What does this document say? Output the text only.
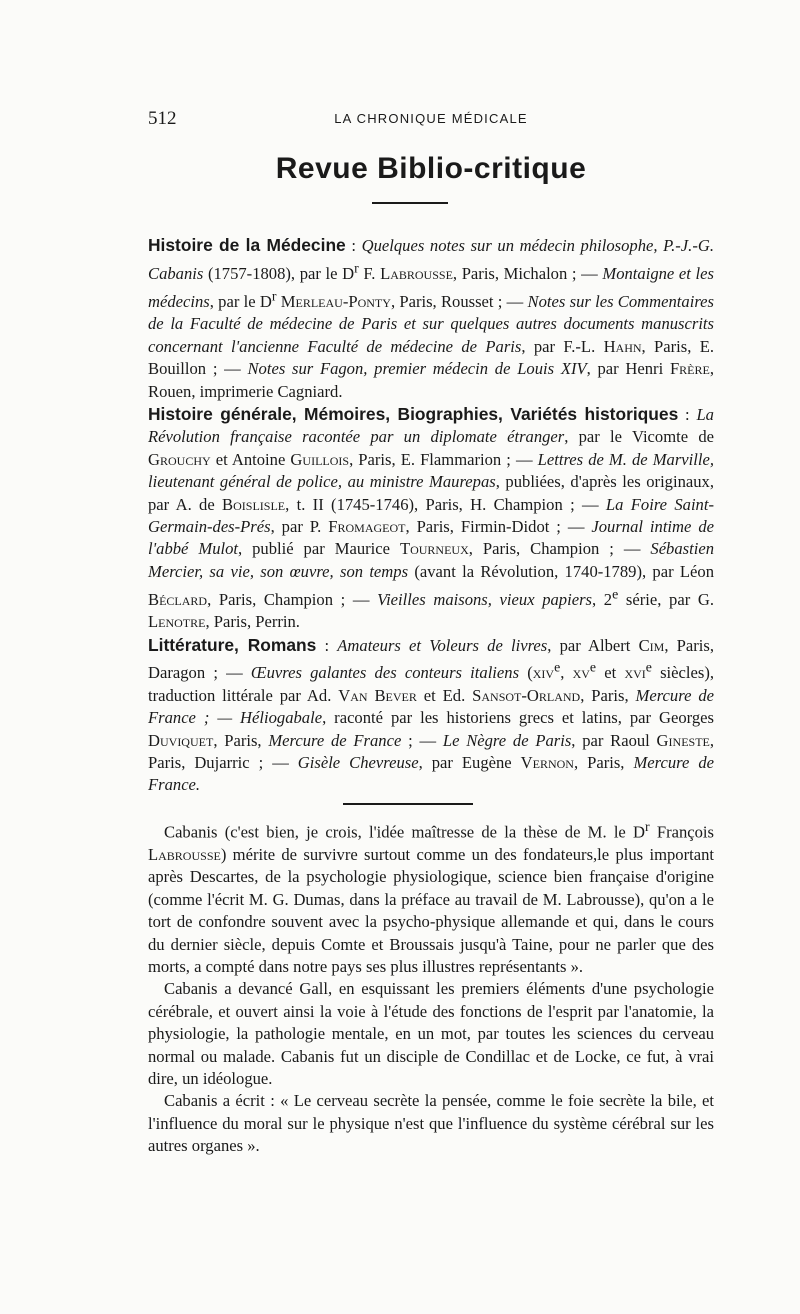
512	LA CHRONIQUE MÉDICALE
Revue Biblio-critique

Histoire de la Médecine : Quelques notes sur un médecin philosophe, P.-J.-G. Cabanis (1757-1808), par le $D^r$ F. Labrousse, Paris, Michalon ; — Montaigne et les médecins, par le $D^r$ Merleau-Ponty, Paris, Rousset ; — Notes sur les Commentaires de la Faculté de médecine de Paris et sur quelques autres documents manuscrits concernant l'ancienne Faculté de médecine de Paris, par F.-L. Hahn, Paris, E. Bouillon ; — Notes sur Fagon, premier médecin de Louis XIV, par Henri Frère, Rouen, imprimerie Cagniard.

Histoire générale, Mémoires, Biographies, Variétés historiques : La Révolution française racontée par un diplomate étranger, par le Vicomte de Grouchy et Antoine Guillois, Paris, E. Flammarion ; — Lettres de M. de Marville, lieutenant général de police, au ministre Maurepas, publiées, d'après les originaux, par A. de Boislisle, t. II (1745-1746), Paris, H. Champion ; — La Foire Saint-Germain-des-Prés, par P. Fromageot, Paris, Firmin-Didot ; — Journal intime de l'abbé Mulot, publié par Maurice Tourneux, Paris, Champion ; — Sébastien Mercier, sa vie, son œuvre, son temps (avant la Révolution, 1740-1789), par Léon Béclard, Paris, Champion ; — Vieilles maisons, vieux papiers, 2e série, par G. Lenotre, Paris, Perrin.

Littérature, Romans : Amateurs et Voleurs de livres, par Albert Cim, Paris, Daragon ; — Œuvres galantes des conteurs italiens (xiv$^e$, $xv^e$ et xvi$^e$ siècles), traduction littérale par Ad. Van Bever et Ed. Sansot-Orland, Paris, Mercure de France ; — Héliogabale, raconté par les historiens grecs et latins, par Georges Duviquet, Paris, Mercure de France ; — Le Nègre de Paris, par Raoul Gineste, Paris, Dujarric ; — Gisèle Chevreuse, par Eugène Vernon, Paris, Mercure de France.

Cabanis (c'est bien, je crois, l'idée maîtresse de la thèse de M. le $D^r$ François Labrousse) mérite de survivre surtout comme un des fondateurs,le plus important après Descartes, de la psychologie physiologique, science bien française d'origine (comme l'écrit M. G. Dumas, dans la préface au travail de M. Labrousse), qu'on a le tort de confondre souvent avec la psycho-physique allemande et qui, dans le cours du dernier siècle, depuis Comte et Broussais jusqu'à Taine, pour ne parler que des morts, a compté dans notre pays ses plus illustres représentants ».

Cabanis a devancé Gall, en esquissant les premiers éléments d'une psychologie cérébrale, et ouvert ainsi la voie à l'étude des fonctions de l'esprit par l'anatomie, la physiologie, la pathologie mentale, en un mot, par toutes les sciences du cerveau normal ou malade. Cabanis fut un disciple de Condillac et de Locke, ce fut, à vrai dire, un idéologue.

Cabanis a écrit : « Le cerveau secrète la pensée, comme le foie secrète la bile, et l'influence du moral sur le physique n'est que l'influence du système cérébral sur les autres organes ».
